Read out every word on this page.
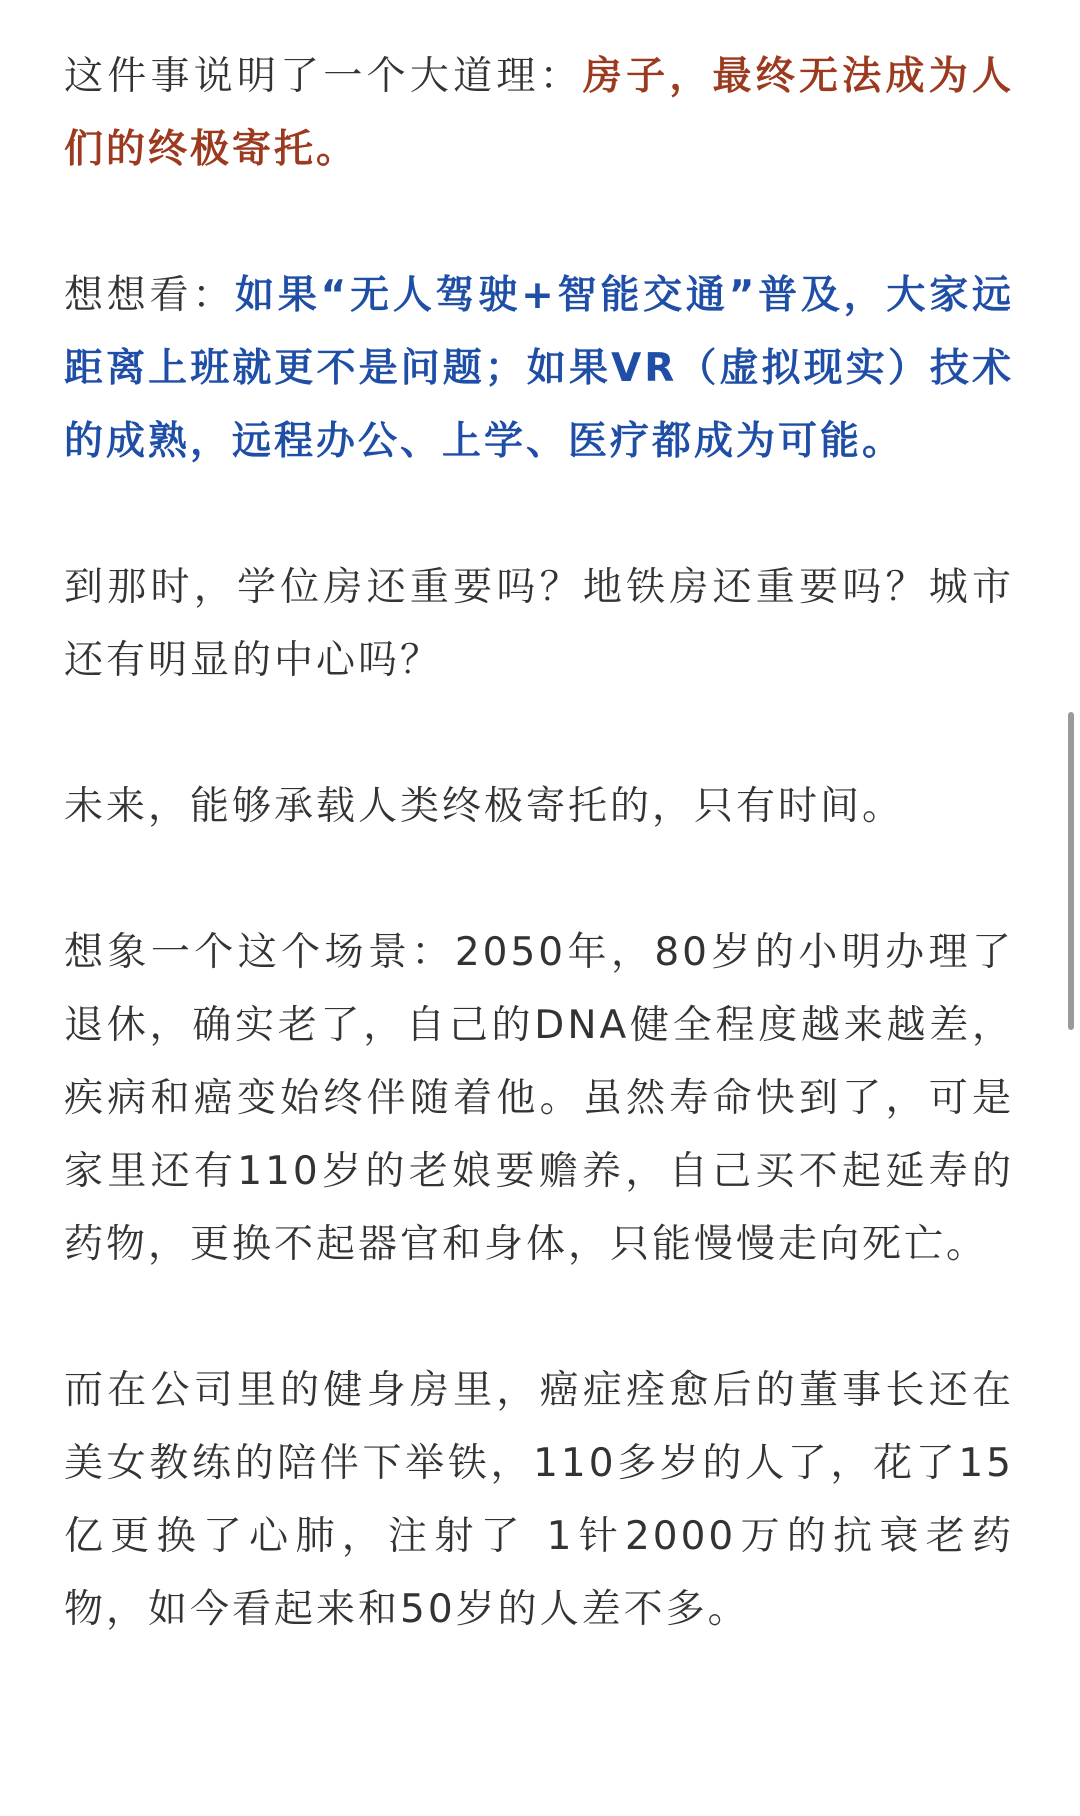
这件事说明了一个大道理：房子，最终无法成为人们的终极寄托。

想想看：如果“无人驾驶+智能交通”普及，大家远距离上班就更不是问题；如果VR（虚拟现实）技术的成熟，远程办公、上学、医疗都成为可能。

到那时，学位房还重要吗？地铁房还重要吗？城市还有明显的中心吗？

未来，能够承载人类终极寄托的，只有时间。

想象一个这个场景：2050年，80岁的小明办理了退休，确实老了，自己的DNA健全程度越来越差，疾病和癌变始终伴随着他。虽然寿命快到了，可是家里还有110岁的老娘要赡养，自己买不起延寿的药物，更换不起器官和身体，只能慢慢走向死亡。

而在公司里的健身房里，癌症痊愈后的董事长还在美女教练的陪伴下举铁，110多岁的人了，花了15亿更换了心肺，注射了 1针2000万的抗衰老药物，如今看起来和50岁的人差不多。
